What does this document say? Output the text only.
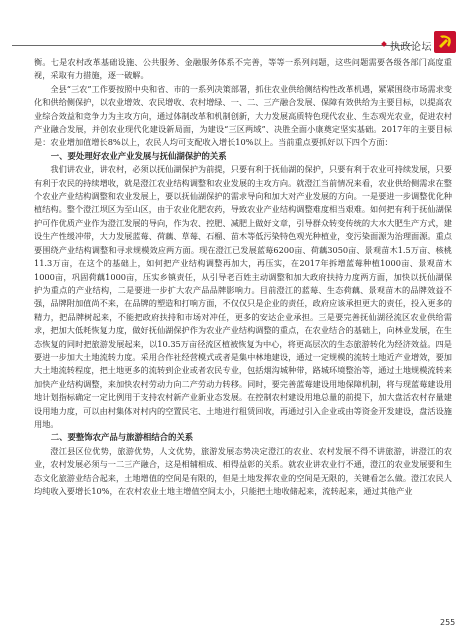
执政论坛

衡。七是农村改革基础设施、公共服务、金融服务体系不完善，等等一系列问题，这些问题需要各级各部门高度重视，采取有力措施，逐一破解。

全县“三农”工作要按照中央和省、市的一系列决策部署，抓住农业供给侧结构性改革机遇，紧紧围绕市场需求变化和供给侧保护，以农业增效、农民增收、农村增绿、一、二、三产融合发展、保障有效供给为主要目标，以提高农业综合效益和竞争力为主攻方向，通过体制改革和机制创新，大力发展高质特色现代农业、生态观光农业，促进农村产业融合发展，并创农业现代化建设新局面，为建设“三区两域”、决胜全面小康奠定坚实基础。2017年的主要目标是：农业增加值增长8%以上，农民人均可支配收入增长10%以上。当前重点要抓好以下四个方面：

一、要处理好农业产业发展与抚仙湖保护的关系

我们讲农业，讲农村，必须以抚仙湖保护为前提，只要有利于抚仙湖的保护，只要有利于农业可持续发展，只要有利于农民的持续增收，就是澄江农业结构调整和农业发展的主攻方向。就澄江当前情况来看，农业供给侧需求在整个农业产业结构调整和农业发展上，要以抚仙湖保护的需求导向和加大对产业发展的方向。一是要进一步调整优化种植结构。整个澄江坝区为至山区，由于农业化肥农药，导致农业产业结构调整难度相当艰难。如何把有利于抚仙湖保护可作优质产业作为澄江发展的导向，作为农、控肥、减肥上做好文章，引导群众转变传统的大水大肥生产方式，建设生产性缓冲带，大力发展蓝莓、荷藕、草莓、石榴、苗木等低污染特色观光种植业，变污染面源为治理面源。重点要围绕产业结构调整和寻求规模效应两方面。现在澄江已发展蓝莓6200亩、荷藕3050亩、景观苗木1.5万亩、核桃11.3万亩，在这个的基础上，如何把产业结构调整再加大，再压实，在2017年拆增蓝莓种植1000亩、景观苗木1000亩，巩固荷藕1000亩，压实乡镇责任，从引导老百姓主动调整和加大政府扶持力度两方面，加快以抚仙湖保护为重点的产业结构，二是要进一步扩大农产品品牌影响力。目前澄江的蓝莓、生态荷藕、景观苗木的品牌效益不强，品牌附加值尚不来，在品牌的塑造和打响方面，不仅仅只是企业的责任，政府应该承担更大的责任，投入更多的精力，把品牌树起来，不能把政府扶持和市场对冲任，更多的安达企业承担。三是要完善抚仙湖径流区农业供给需求，把加大低耗恢复力度，做好抚仙湖保护作为农业产业结构调整的重点，在农业结合的基础上，向林业发展，在生态恢复的同时把旅游发展起来，以10.35万亩径流区植被恢复为中心，将更高层次的生态旅游转化为经济效益。四是要进一步加大土地流转力度。采用合作社经营模式或者是集中林地建设，通过一定规模的流转土地近产业增效，要加大土地流转程度，把土地更多的流转到企业或者农民专业，包括烟沟城种带，路城环境整治等，通过土地规模流转来加快产业结构调整，来加快农村劳动力向二产劳动力转移。同时，要完善蓝莓建设用地保障机制，将与现蓝莓建设用地计划指标确定一定比例用于支持农村新产业新业态发展。在控制农村建设用地总量的前提下，加大盘活农村存量建设用地力度，可以由村集体对村内的空置民宅、土地进行租赁回收，再通过引入企业或由等资金开发建设，盘活设施用地。

二、要整饰农产品与旅游相结合的关系

澄江县区位优势，旅游优势，人文优势，旅游发展态势决定澄江的农业、农村发展不得不讲旅游，讲澄江的农业，农村发展必须与一二三产融合，这是相辅相成、相得益彰的关系。就农业讲农业行不通，澄江的农业发展要和生态文化旅游业结合起来，土地增值的空间是有限的，但是土地发挥农业的空间是无限的，关键看怎么做。澄江农民人均纯收入要增长10%，在农村农业土地主增值空间太小，只能把土地收储起来，流转起来，通过其他产业

255
